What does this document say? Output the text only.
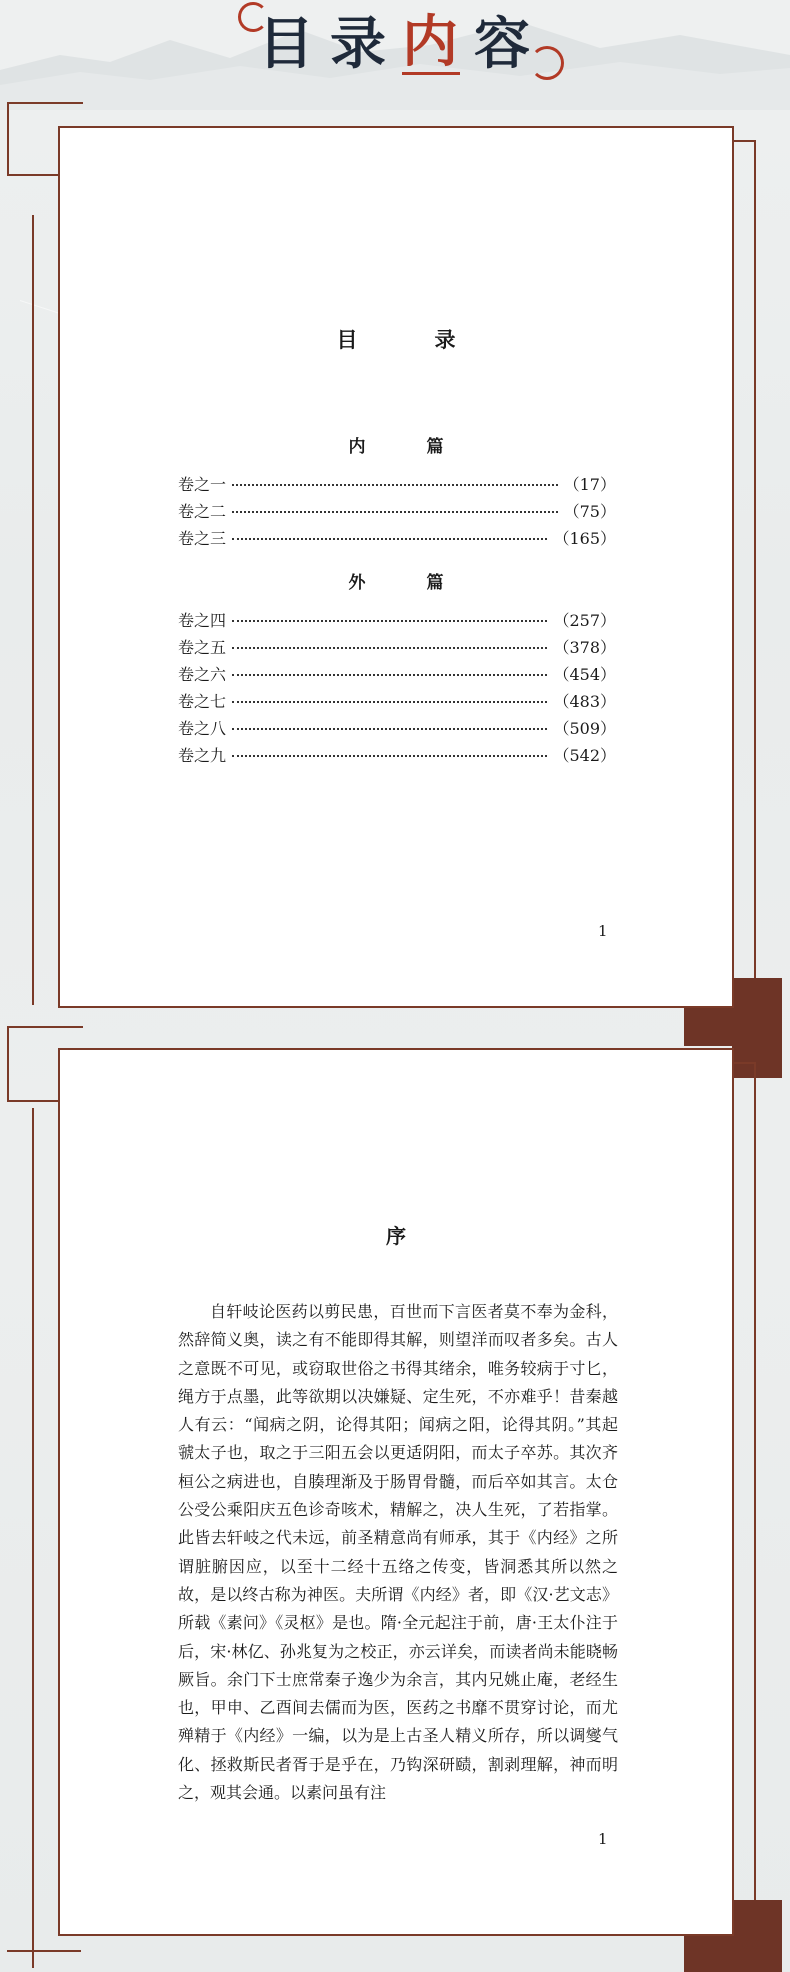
目 录 内 容
目　录
内　篇
卷之一	（17）
卷之二	（75）
卷之三	（165）
外　篇
卷之四	（257）
卷之五	（378）
卷之六	（454）
卷之七	（483）
卷之八	（509）
卷之九	（542）
1
序
自轩岐论医药以剪民患，百世而下言医者莫不奉为金科，然辞简义奥，读之有不能即得其解，则望洋而叹者多矣。古人之意既不可见，或窃取世俗之书得其绪余，唯务较病于寸匕，绳方于点墨，此等欲期以决嫌疑、定生死，不亦难乎！昔秦越人有云：“闻病之阴，论得其阳；闻病之阳，论得其阴。”其起虢太子也，取之于三阳五会以更适阴阳，而太子卒苏。其次齐桓公之病进也，自腠理渐及于肠胃骨髓，而后卒如其言。太仓公受公乘阳庆五色诊奇咳术，精解之，决人生死，了若指掌。此皆去轩岐之代未远，前圣精意尚有师承，其于《内经》之所谓脏腑因应，以至十二经十五络之传变，皆洞悉其所以然之故，是以终古称为神医。夫所谓《内经》者，即《汉·艺文志》所载《素问》《灵枢》是也。隋·全元起注于前，唐·王太仆注于后，宋·林亿、孙兆复为之校正，亦云详矣，而读者尚未能晓畅厥旨。余门下士庶常秦子逸少为余言，其内兄姚止庵，老经生也，甲申、乙酉间去儒而为医，医药之书靡不贯穿讨论，而尤殚精于《内经》一编，以为是上古圣人精义所存，所以调燮气化、拯救斯民者胥于是乎在，乃钩深研赜，割剥理解，神而明之，观其会通。以素问虽有注
1
